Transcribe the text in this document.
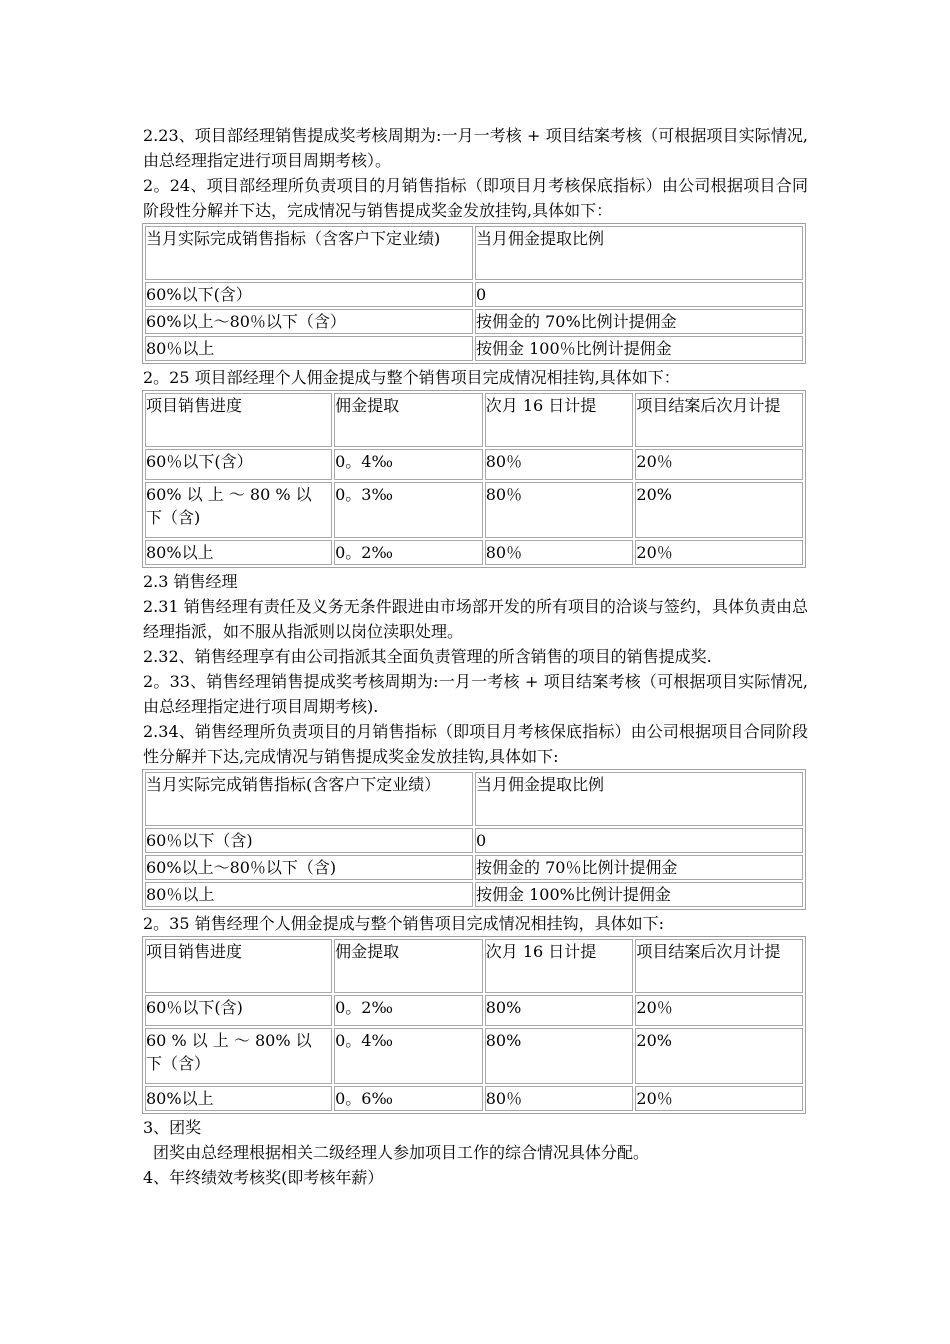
2.23、项目部经理销售提成奖考核周期为:一月一考核 + 项目结案考核（可根据项目实际情况,由总经理指定进行项目周期考核）。

2。24、项目部经理所负责项目的月销售指标（即项目月考核保底指标）由公司根据项目合同阶段性分解并下达，完成情况与销售提成奖金发放挂钩,具体如下：

当月实际完成销售指标（含客户下定业绩)	当月佣金提取比例
60%以下(含）	0
60%以上～80％以下（含）	按佣金的 70%比例计提佣金
80％以上	按佣金 100％比例计提佣金

2。25 项目部经理个人佣金提成与整个销售项目完成情况相挂钩,具体如下：

项目销售进度	佣金提取	次月 16 日计提	项目结案后次月计提
60％以下(含）	0。4‰	80％	20％
60% 以 上 ～ 80 % 以 下（含)	0。3‰	80％	20%
80%以上	0。2‰	80％	20％

2.3 销售经理

2.31 销售经理有责任及义务无条件跟进由市场部开发的所有项目的洽谈与签约，具体负责由总经理指派，如不服从指派则以岗位渎职处理。

2.32、销售经理享有由公司指派其全面负责管理的所含销售的项目的销售提成奖.

2。33、销售经理销售提成奖考核周期为:一月一考核 + 项目结案考核（可根据项目实际情况,由总经理指定进行项目周期考核).

2.34、销售经理所负责项目的月销售指标（即项目月考核保底指标）由公司根据项目合同阶段性分解并下达,完成情况与销售提成奖金发放挂钩,具体如下:

当月实际完成销售指标(含客户下定业绩）	当月佣金提取比例
60％以下（含)	0
60%以上～80％以下（含)	按佣金的 70％比例计提佣金
80％以上	按佣金 100%比例计提佣金

2。35 销售经理个人佣金提成与整个销售项目完成情况相挂钩，具体如下:

项目销售进度	佣金提取	次月 16 日计提	项目结案后次月计提
60％以下(含)	0。2‰	80%	20％
60 % 以 上 ～ 80% 以 下（含）	0。4‰	80%	20%
80%以上	0。6‰	80％	20％

3、团奖

团奖由总经理根据相关二级经理人参加项目工作的综合情况具体分配。

4、年终绩效考核奖(即考核年薪）
